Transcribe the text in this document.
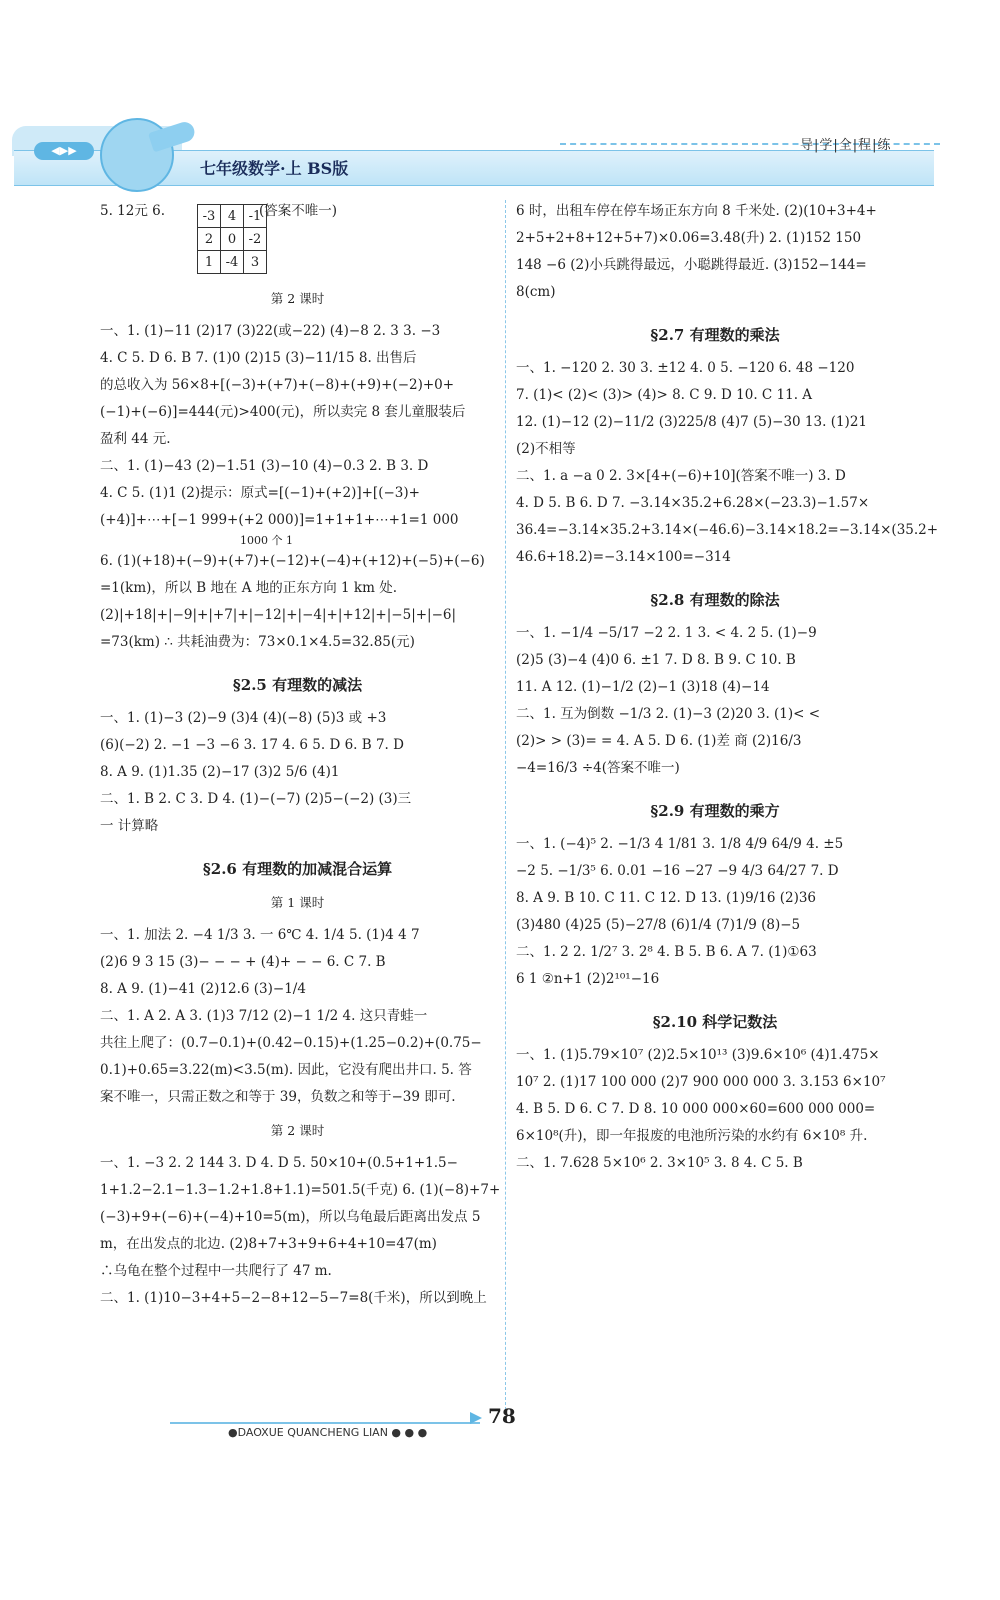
◀▶▶
七年级数学·上 BS版
导|学|全|程|练
-3	4	-1
2	0	-2
1	-4	3
5. 12元 6.	(答案不唯一)
第 2 课时
一、1. (1)−11 (2)17 (3)22(或−22) (4)−8 2. 3 3. −3
4. C 5. D 6. B 7. (1)0 (2)15 (3)−11/15 8. 出售后
的总收入为 56×8+[(−3)+(+7)+(−8)+(+9)+(−2)+0+
(−1)+(−6)]=444(元)>400(元)，所以卖完 8 套儿童服装后
盈利 44 元.
二、1. (1)−43 (2)−1.51 (3)−10 (4)−0.3 2. B 3. D
4. C 5. (1)1 (2)提示：原式=[(−1)+(+2)]+[(−3)+
(+4)]+⋯+[−1 999+(+2 000)]=1+1+1+⋯+1=1 000
1000 个 1
6. (1)(+18)+(−9)+(+7)+(−12)+(−4)+(+12)+(−5)+(−6)
=1(km)，所以 B 地在 A 地的正东方向 1 km 处.
(2)|+18|+|−9|+|+7|+|−12|+|−4|+|+12|+|−5|+|−6|
=73(km) ∴ 共耗油费为：73×0.1×4.5=32.85(元)
§2.5 有理数的减法
一、1. (1)−3 (2)−9 (3)4 (4)(−8) (5)3 或 +3
(6)(−2) 2. −1 −3 −6 3. 17 4. 6 5. D 6. B 7. D
8. A 9. (1)1.35 (2)−17 (3)2 5/6 (4)1
二、1. B 2. C 3. D 4. (1)−(−7) (2)5−(−2) (3)三
一 计算略
§2.6 有理数的加减混合运算
第 1 课时
一、1. 加法 2. −4 1/3 3. 一 6℃ 4. 1/4 5. (1)4 4 7
(2)6 9 3 15 (3)− − − + (4)+ − − 6. C 7. B
8. A 9. (1)−41 (2)12.6 (3)−1/4
二、1. A 2. A 3. (1)3 7/12 (2)−1 1/2 4. 这只青蛙一
共往上爬了：(0.7−0.1)+(0.42−0.15)+(1.25−0.2)+(0.75−
0.1)+0.65=3.22(m)<3.5(m). 因此，它没有爬出井口. 5. 答
案不唯一，只需正数之和等于 39，负数之和等于−39 即可.
第 2 课时
一、1. −3 2. 2 144 3. D 4. D 5. 50×10+(0.5+1+1.5−
1+1.2−2.1−1.3−1.2+1.8+1.1)=501.5(千克) 6. (1)(−8)+7+
(−3)+9+(−6)+(−4)+10=5(m)，所以乌龟最后距离出发点 5
m，在出发点的北边. (2)8+7+3+9+6+4+10=47(m)
∴乌龟在整个过程中一共爬行了 47 m.
二、1. (1)10−3+4+5−2−8+12−5−7=8(千米)，所以到晚上
6 时，出租车停在停车场正东方向 8 千米处. (2)(10+3+4+
2+5+2+8+12+5+7)×0.06=3.48(升) 2. (1)152 150
148 −6 (2)小兵跳得最远，小聪跳得最近. (3)152−144=
8(cm)
§2.7 有理数的乘法
一、1. −120 2. 30 3. ±12 4. 0 5. −120 6. 48 −120
7. (1)< (2)< (3)> (4)> 8. C 9. D 10. C 11. A
12. (1)−12 (2)−11/2 (3)225/8 (4)7 (5)−30 13. (1)21
(2)不相等
二、1. a −a 0 2. 3×[4+(−6)+10](答案不唯一) 3. D
4. D 5. B 6. D 7. −3.14×35.2+6.28×(−23.3)−1.57×
36.4=−3.14×35.2+3.14×(−46.6)−3.14×18.2=−3.14×(35.2+
46.6+18.2)=−3.14×100=−314
§2.8 有理数的除法
一、1. −1/4 −5/17 −2 2. 1 3. < 4. 2 5. (1)−9
(2)5 (3)−4 (4)0 6. ±1 7. D 8. B 9. C 10. B
11. A 12. (1)−1/2 (2)−1 (3)18 (4)−14
二、1. 互为倒数 −1/3 2. (1)−3 (2)20 3. (1)< <
(2)> > (3)= = 4. A 5. D 6. (1)差 商 (2)16/3
−4=16/3 ÷4(答案不唯一)
§2.9 有理数的乘方
一、1. (−4)⁵ 2. −1/3 4 1/81 3. 1/8 4/9 64/9 4. ±5
−2 5. −1/3⁵ 6. 0.01 −16 −27 −9 4/3 64/27 7. D
8. A 9. B 10. C 11. C 12. D 13. (1)9/16 (2)36
(3)480 (4)25 (5)−27/8 (6)1/4 (7)1/9 (8)−5
二、1. 2 2. 1/2⁷ 3. 2⁸ 4. B 5. B 6. A 7. (1)①63
6 1 ②n+1 (2)2¹⁰¹−16
§2.10 科学记数法
一、1. (1)5.79×10⁷ (2)2.5×10¹³ (3)9.6×10⁶ (4)1.475×
10⁷ 2. (1)17 100 000 (2)7 900 000 000 3. 3.153 6×10⁷
4. B 5. D 6. C 7. D 8. 10 000 000×60=600 000 000=
6×10⁸(升)，即一年报废的电池所污染的水约有 6×10⁸ 升.
二、1. 7.628 5×10⁶ 2. 3×10⁵ 3. 8 4. C 5. B
●DAOXUE QUANCHENG LIAN ● ● ●
78
